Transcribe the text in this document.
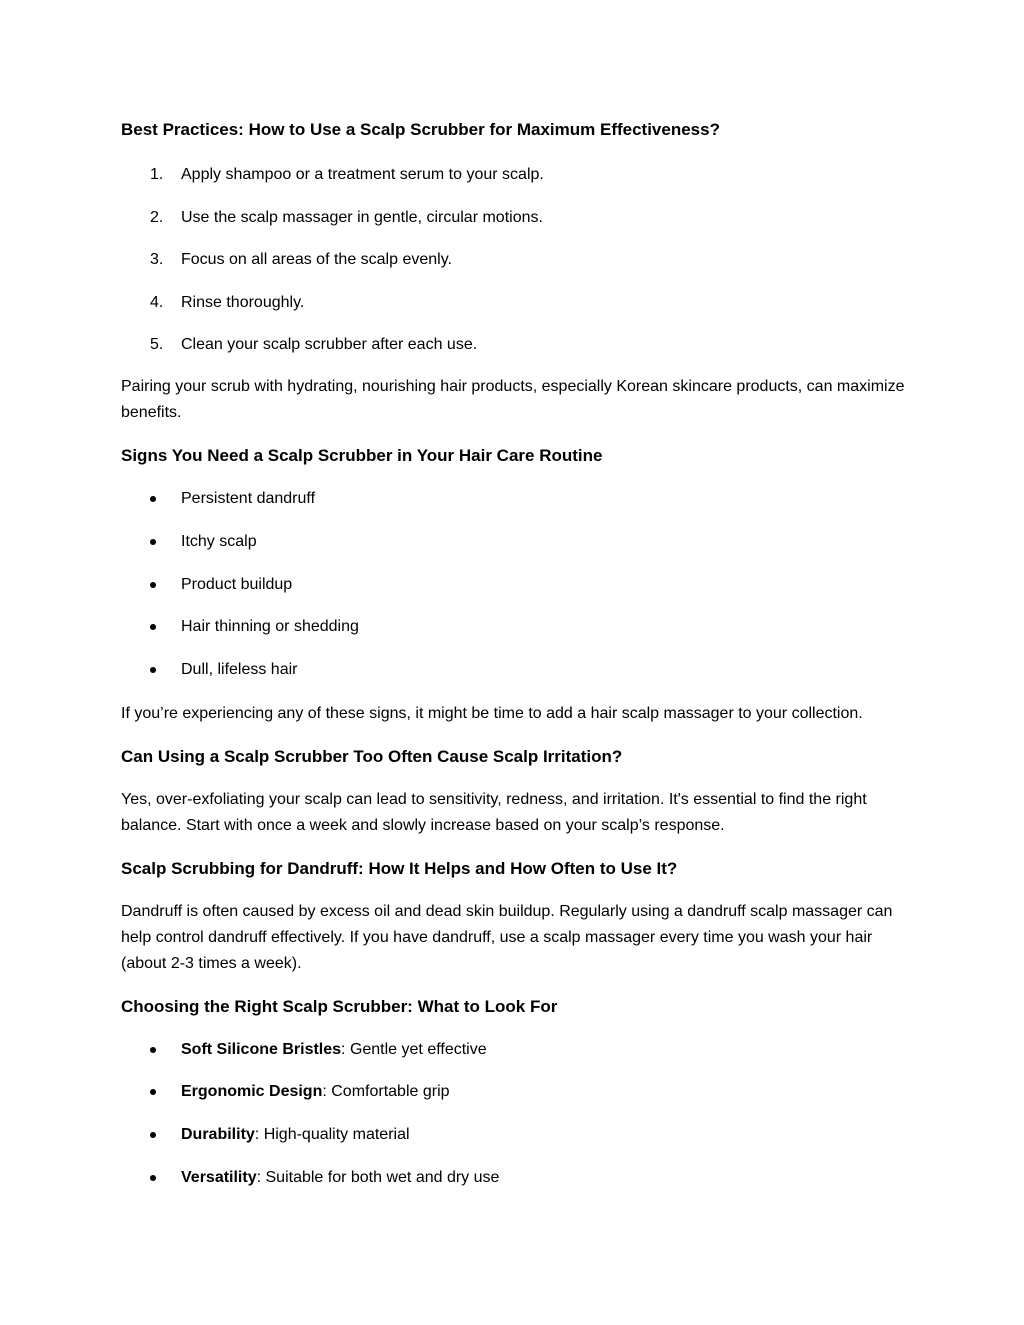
Best Practices: How to Use a Scalp Scrubber for Maximum Effectiveness?
1. Apply shampoo or a treatment serum to your scalp.
2. Use the scalp massager in gentle, circular motions.
3. Focus on all areas of the scalp evenly.
4. Rinse thoroughly.
5. Clean your scalp scrubber after each use.

Pairing your scrub with hydrating, nourishing hair products, especially Korean skincare products, can maximize benefits.

Signs You Need a Scalp Scrubber in Your Hair Care Routine
Persistent dandruff
Itchy scalp
Product buildup
Hair thinning or shedding
Dull, lifeless hair

If you’re experiencing any of these signs, it might be time to add a hair scalp massager to your collection.

Can Using a Scalp Scrubber Too Often Cause Scalp Irritation?

Yes, over-exfoliating your scalp can lead to sensitivity, redness, and irritation. It's essential to find the right balance. Start with once a week and slowly increase based on your scalp’s response.

Scalp Scrubbing for Dandruff: How It Helps and How Often to Use It?

Dandruff is often caused by excess oil and dead skin buildup. Regularly using a dandruff scalp massager can help control dandruff effectively. If you have dandruff, use a scalp massager every time you wash your hair (about 2-3 times a week).

Choosing the Right Scalp Scrubber: What to Look For
Soft Silicone Bristles: Gentle yet effective
Ergonomic Design: Comfortable grip
Durability: High-quality material
Versatility: Suitable for both wet and dry use
